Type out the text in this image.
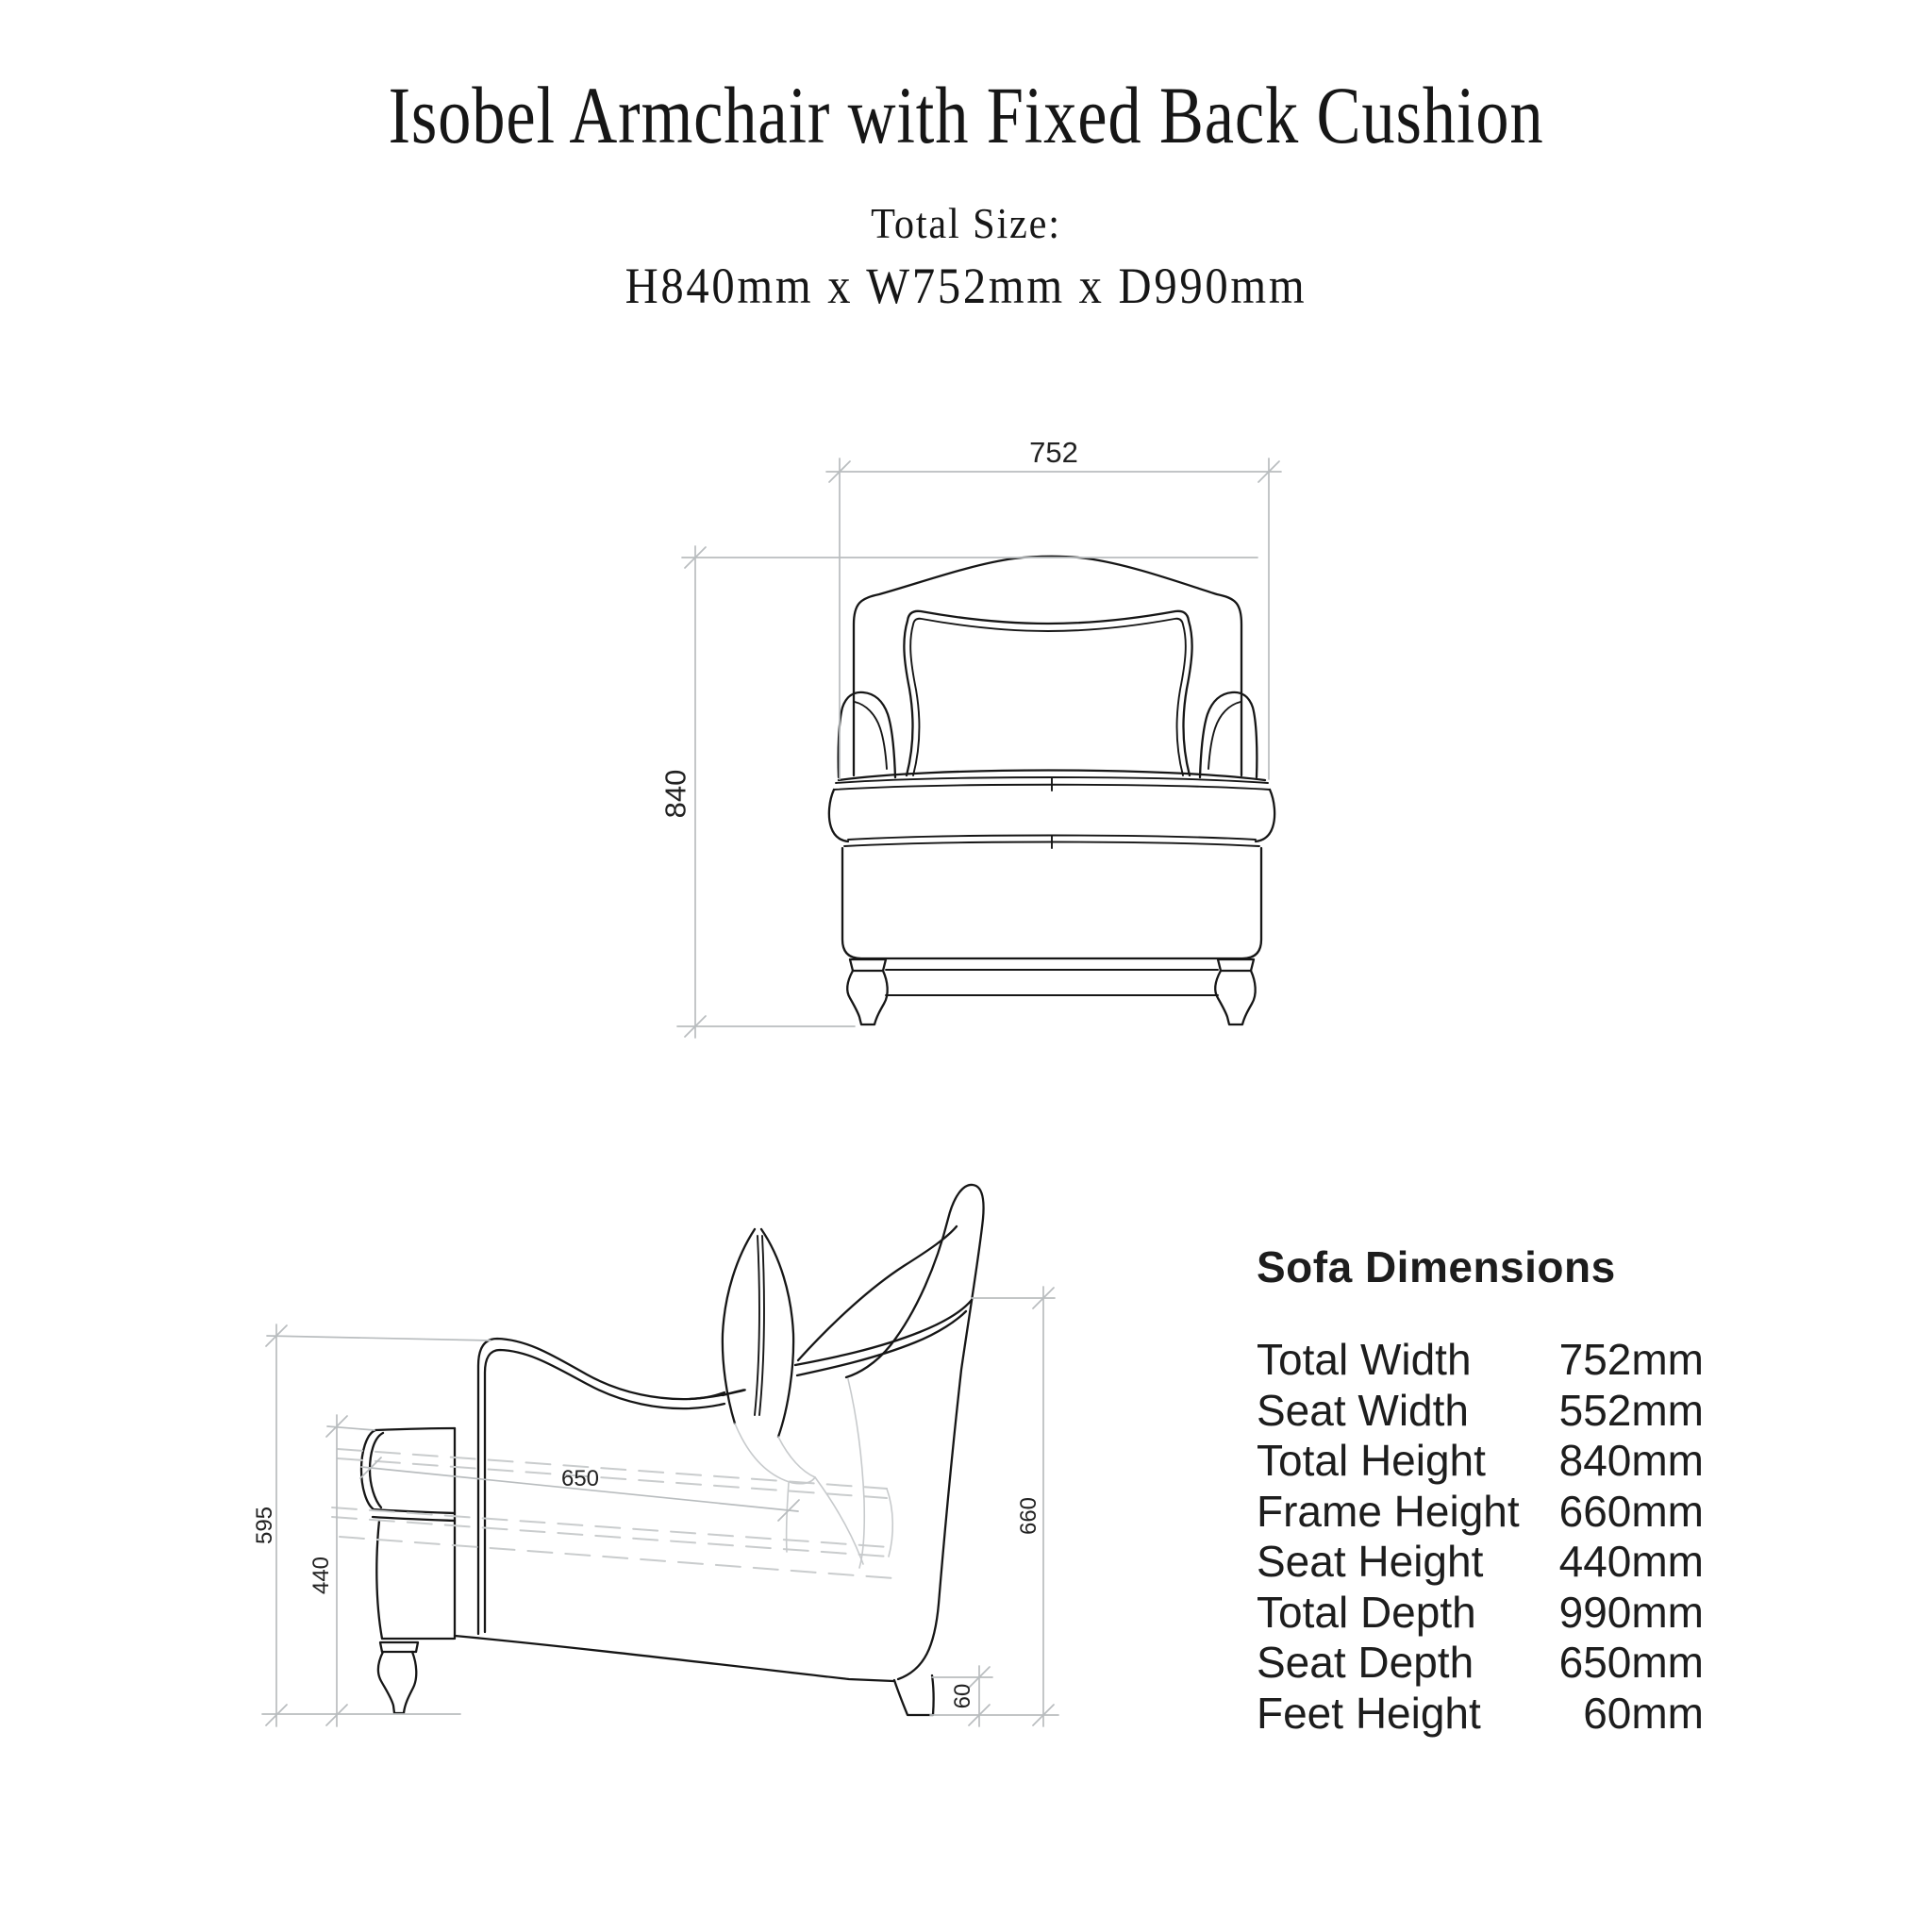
Isobel Armchair with Fixed Back Cushion
Total Size:
H840mm x W752mm x D990mm
752
840
595
440
650
660
60
Sofa Dimensions
Total Width 752mm
Seat Width 552mm
Total Height 840mm
Frame Height 660mm
Seat Height 440mm
Total Depth 990mm
Seat Depth 650mm
Feet Height 60mm
